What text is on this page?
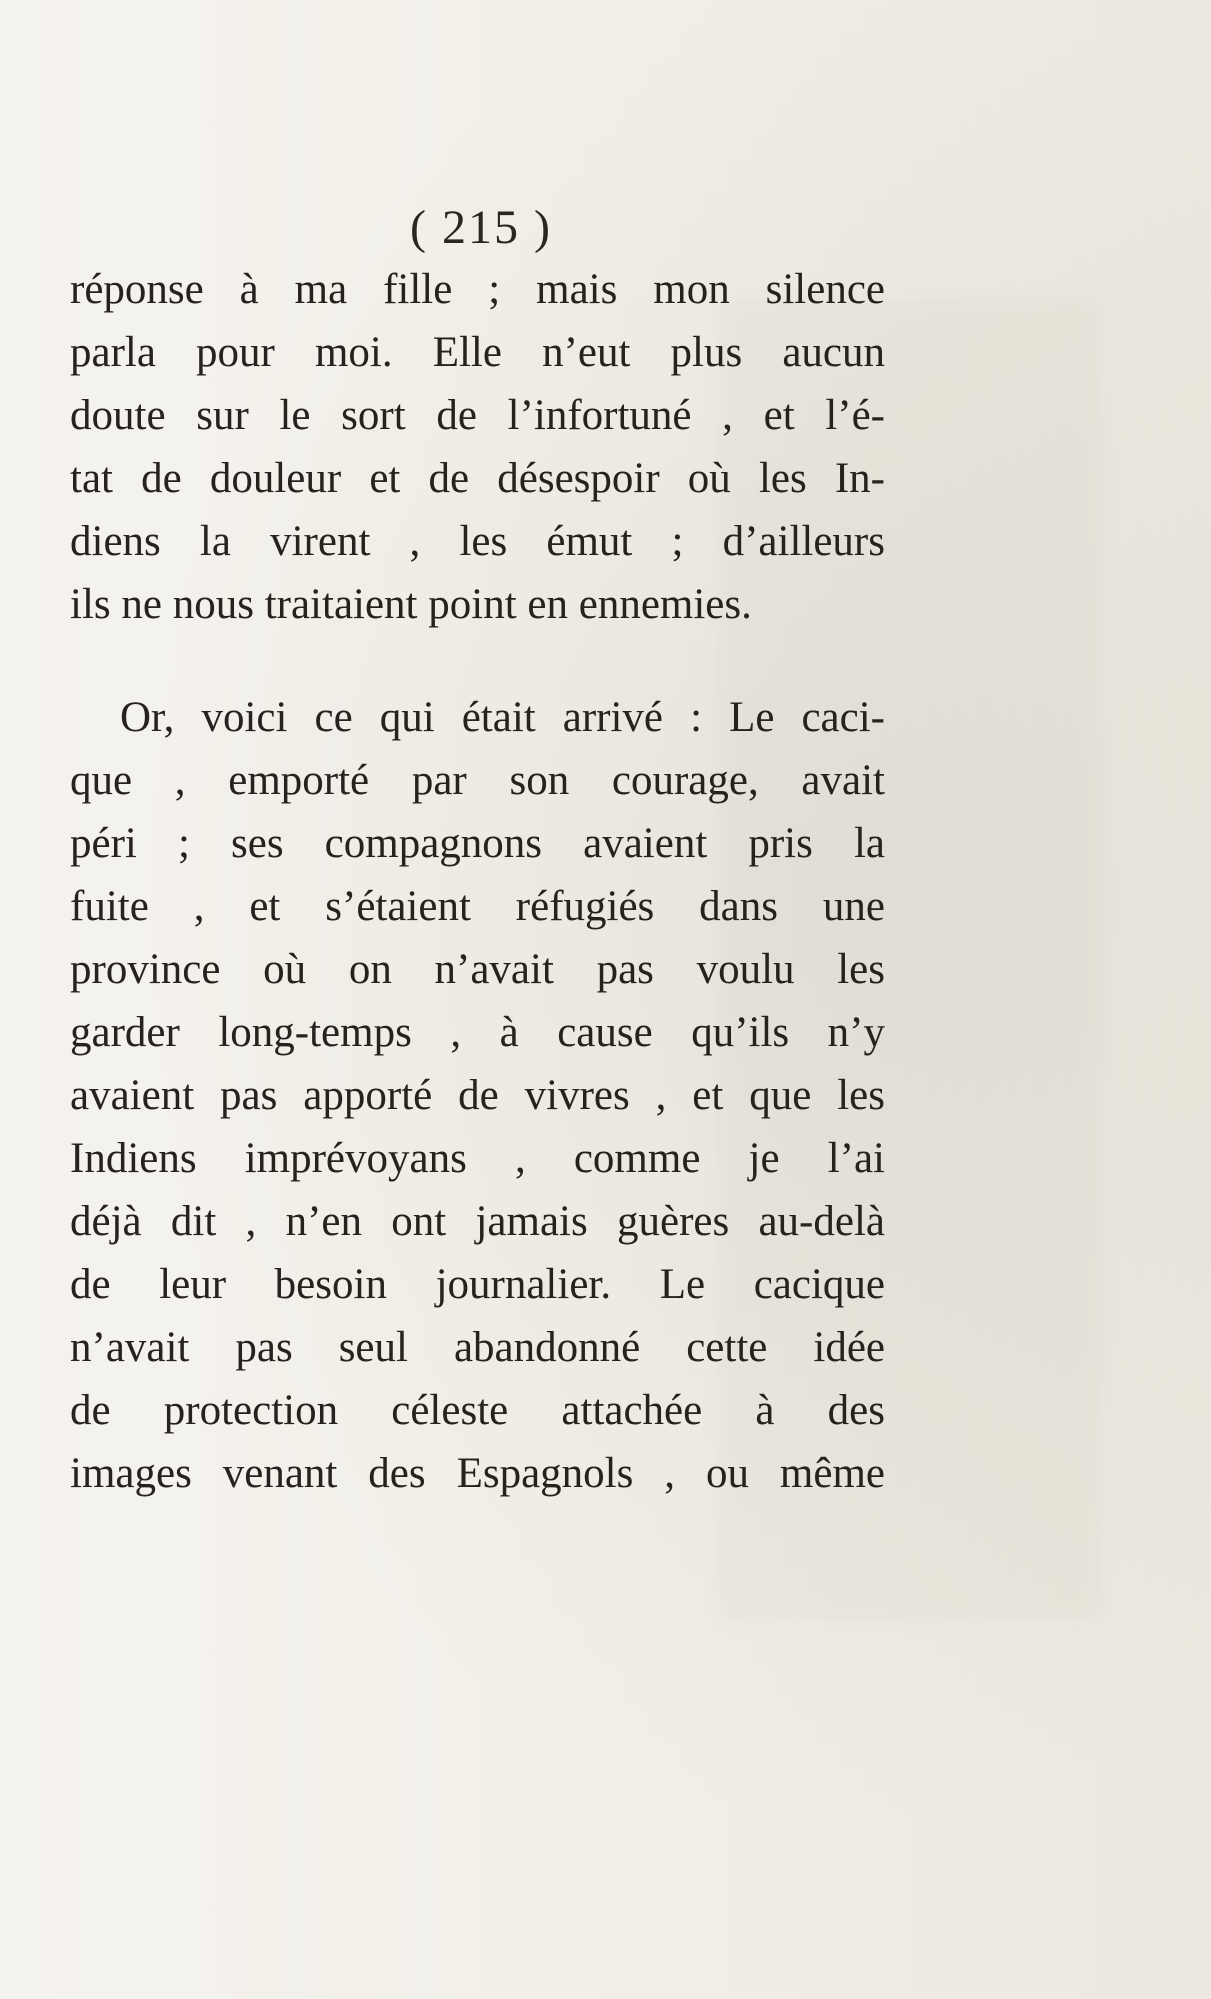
( 215 )
réponse à ma fille ; mais mon silence
parla pour moi. Elle n’eut plus aucun
doute sur le sort de l’infortuné , et l’é-
tat de douleur et de désespoir où les In-
diens la virent , les émut ; d’ailleurs
ils ne nous traitaient point en ennemies.
Or, voici ce qui était arrivé : Le caci-
que , emporté par son courage, avait
péri ; ses compagnons avaient pris la
fuite , et s’étaient réfugiés dans une
province où on n’avait pas voulu les
garder long-temps , à cause qu’ils n’y
avaient pas apporté de vivres , et que les
Indiens imprévoyans , comme je l’ai
déjà dit , n’en ont jamais guères au-delà
de leur besoin journalier. Le cacique
n’avait pas seul abandonné cette idée
de protection céleste attachée à des
images venant des Espagnols , ou même
